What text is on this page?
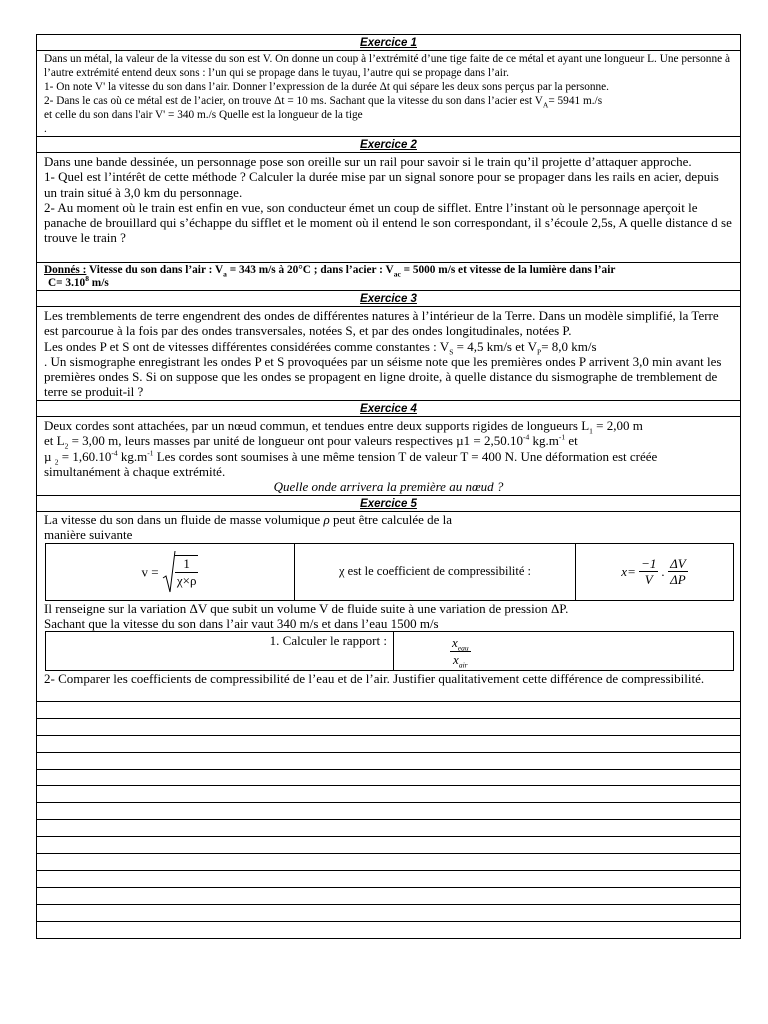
Exercice 1
Dans un métal, la valeur de la vitesse du son est V. On donne un coup à l’extrémité d’une tige faite de ce métal et ayant une longueur L. Une personne à l’autre extrémité entend deux sons : l’un qui se propage dans le tuyau, l’autre qui se propage dans l’air.
1- On note V' la vitesse du son dans l’air. Donner l’expression de la durée Δt qui sépare les deux sons perçus par la personne.
2- Dans le cas où ce métal est de l’acier, on trouve Δt = 10 ms. Sachant que la vitesse du son dans l’acier est $V_A= 5941$ m./s
et celle du son dans l'air V' = 340 m./s Quelle est la longueur de la tige
.
Exercice 2
Dans une bande dessinée, un personnage pose son oreille sur un rail pour savoir si le train qu’il projette d’attaquer approche.
1- Quel est l’intérêt de cette méthode ? Calculer la durée mise par un signal sonore pour se propager dans les rails en acier, depuis un train situé à 3,0 km du personnage.
2- Au moment où le train est enfin en vue, son conducteur émet un coup de sifflet. Entre l’instant où le personnage aperçoit le panache de brouillard qui s’échappe du sifflet et le moment où il entend le son correspondant, il s’écoule 2,5s, A quelle distance d se trouve le train ?
Donnés : Vitesse du son dans l’air : $V_a = 343$ m/s à 20°C ; dans l’acier : $V_{ac} = 5000$ m/s et vitesse de la lumière dans l’air
$C= 3.10^8$ m/s
Exercice 3
Les tremblements de terre engendrent des ondes de différentes natures à l’intérieur de la Terre. Dans un modèle simplifié, la Terre est parcourue à la fois par des ondes transversales, notées S, et par des ondes longitudinales, notées P.
Les ondes P et S ont de vitesses différentes considérées comme constantes : $V_S = 4,5$ km/s et $V_P= 8,0$ km/s
. Un sismographe enregistrant les ondes P et S provoquées par un séisme note que les premières ondes P arrivent 3,0 min avant les premières ondes S. Si on suppose que les ondes se propagent en ligne droite, à quelle distance du sismographe de tremblement de terre se produit-il ?
Exercice 4
Deux cordes sont attachées, par un nœud commun, et tendues entre deux supports rigides de longueurs $L_1 = 2,00$ m
et $L_2 = 3,00$ m, leurs masses par unité de longueur ont pour valeurs respectives $\mu 1 = 2,50.10^{-4}$ $kg.m^{-1}$ et
µ $_2 = 1,60.10^{-4}$ $kg.m^{-1}$ Les cordes sont soumises à une même tension T de valeur T = 400 N. Une déformation est créée simultanément à chaque extrémité.
Quelle onde arrivera la première au nœud ?
Exercice 5
La vitesse du son dans un fluide de masse volumique ρ peut être calculée de la
manière suivante
$v = \frac{1}{\chi\times\rho}$	χ est le coefficient de compressibilité :	$x= \frac{-1}{V}$ . $\frac{\Delta V}{\Delta P}$
Il renseigne sur la variation ΔV que subit un volume V de fluide suite à une variation de pression ΔP.
Sachant que la vitesse du son dans l’air vaut 340 m/s et dans l’eau 1500 m/s
1. Calculer le rapport :	$\frac{x_{eau}}{x_{air}}$
2- Comparer les coefficients de compressibilité de l’eau et de l’air. Justifier qualitativement cette différence de compressibilité.
